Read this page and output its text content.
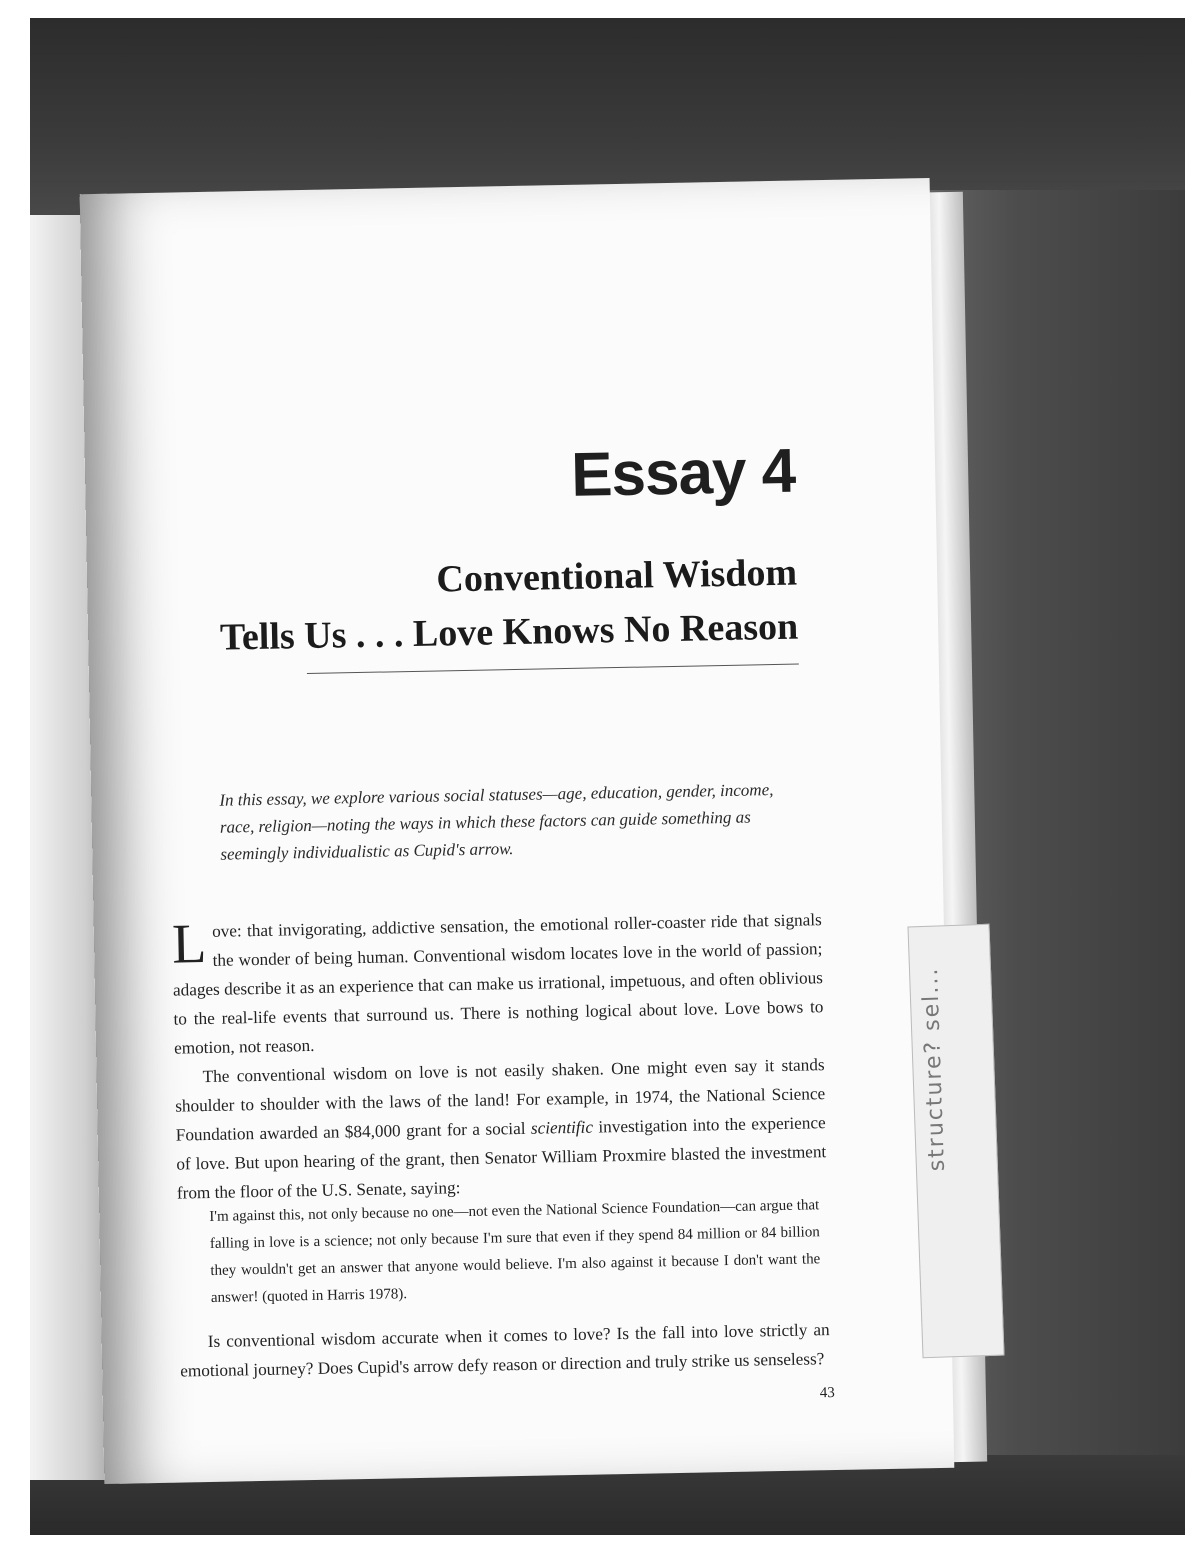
Essay 4
Conventional Wisdom
Tells Us . . . Love Knows No Reason
In this essay, we explore various social statuses—age, education, gender, income, race, religion—noting the ways in which these factors can guide something as seemingly individualistic as Cupid's arrow.

Love: that invigorating, addictive sensation, the emotional roller-coaster ride that signals the wonder of being human. Conventional wisdom locates love in the world of passion; adages describe it as an experience that can make us irrational, impetuous, and often oblivious to the real-life events that surround us. There is nothing logical about love. Love bows to emotion, not reason.

The conventional wisdom on love is not easily shaken. One might even say it stands shoulder to shoulder with the laws of the land! For example, in 1974, the National Science Foundation awarded an $84,000 grant for a social scientific investigation into the experience of love. But upon hearing of the grant, then Senator William Proxmire blasted the investment from the floor of the U.S. Senate, saying:

I'm against this, not only because no one—not even the National Science Foundation—can argue that falling in love is a science; not only because I'm sure that even if they spend 84 million or 84 billion they wouldn't get an answer that anyone would believe. I'm also against it because I don't want the answer! (quoted in Harris 1978).
Is conventional wisdom accurate when it comes to love? Is the fall into love strictly an emotional journey? Does Cupid's arrow defy reason or direction and truly strike us senseless?
43
structure? sel...
